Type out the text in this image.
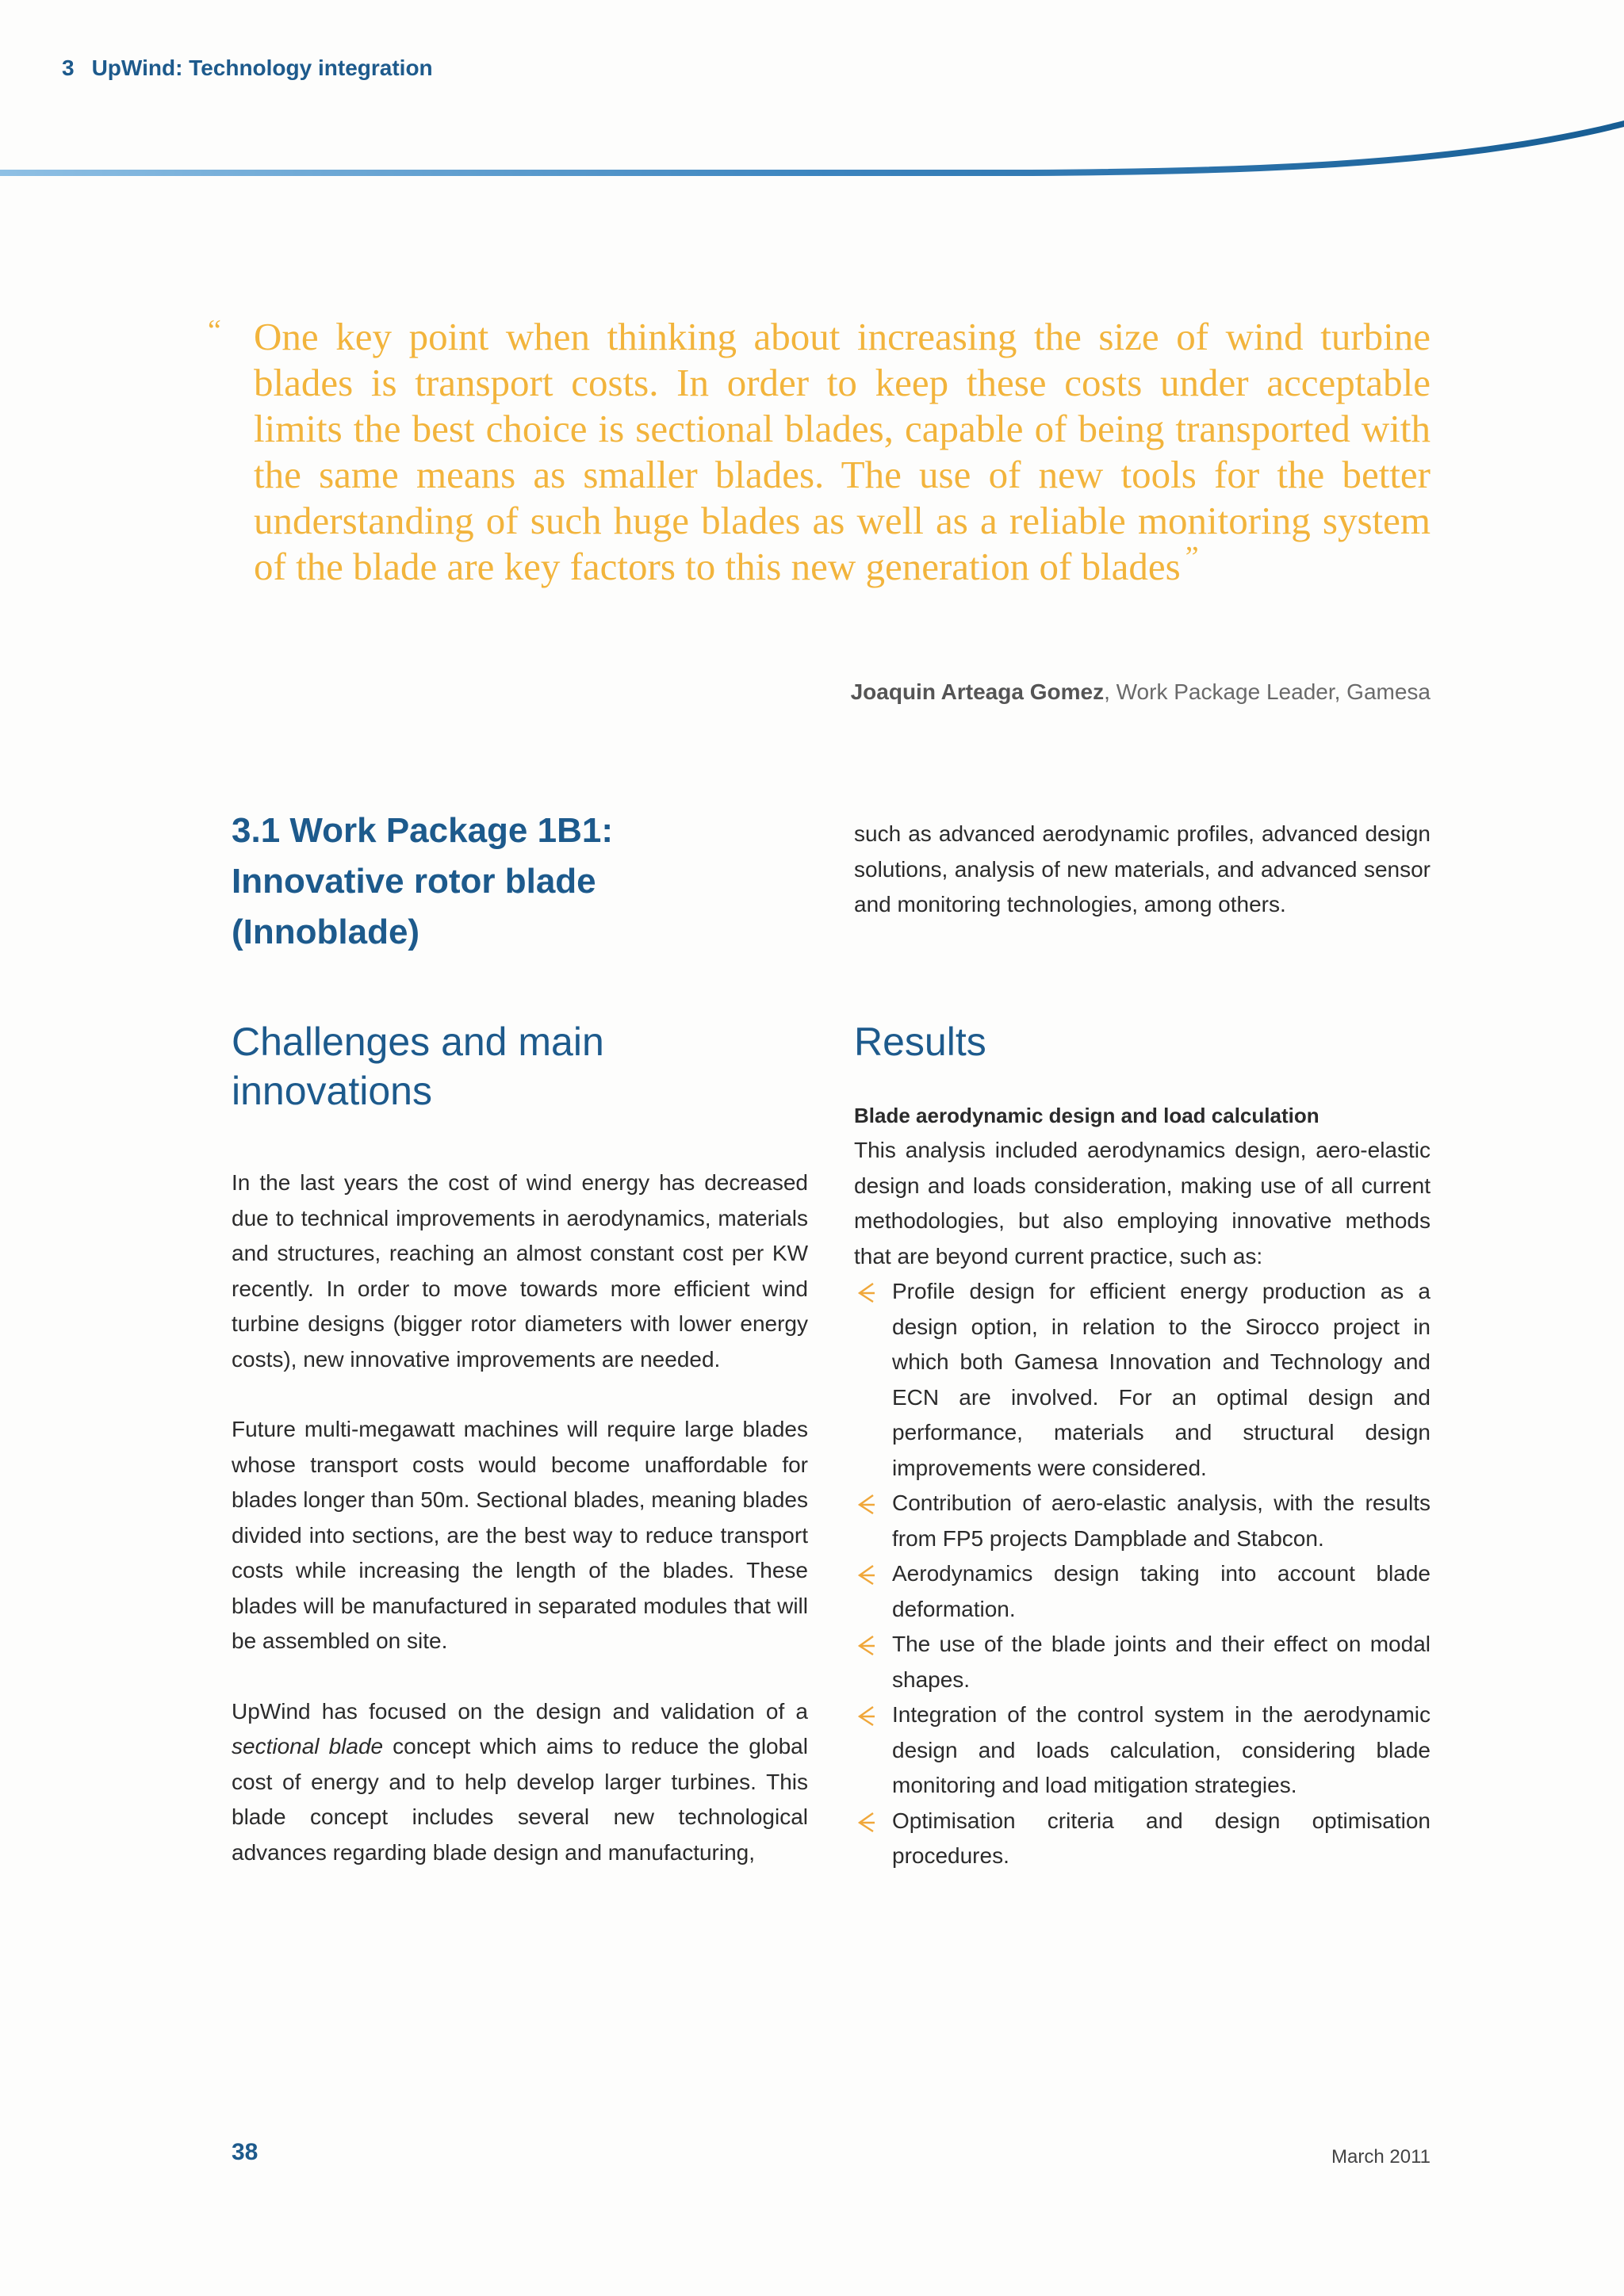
3 UpWind: Technology integration
“ One key point when thinking about increasing the size of wind turbine blades is transport costs. In order to keep these costs under acceptable limits the best choice is sectional blades, capable of being transported with the same means as smaller blades. The use of new tools for the better understanding of such huge blades as well as a reliable monitoring system of the blade are key factors to this new generation of blades ”
Joaquin Arteaga Gomez, Work Package Leader, Gamesa
3.1 Work Package 1B1:
Innovative rotor blade
(Innoblade)
Challenges and main
innovations

In the last years the cost of wind energy has decreased due to technical improvements in aerodynamics, materials and structures, reaching an almost constant cost per KW recently. In order to move towards more efficient wind turbine designs (bigger rotor diameters with lower energy costs), new innovative improvements are needed.

Future multi-megawatt machines will require large blades whose transport costs would become unaffordable for blades longer than 50m. Sectional blades, meaning blades divided into sections, are the best way to reduce transport costs while increasing the length of the blades. These blades will be manufactured in separated modules that will be assembled on site.

UpWind has focused on the design and validation of a sectional blade concept which aims to reduce the global cost of energy and to help develop larger turbines. This blade concept includes several new technological advances regarding blade design and manufacturing,

such as advanced aerodynamic profiles, advanced design solutions, analysis of new materials, and advanced sensor and monitoring technologies, among others.

Results
Blade aerodynamic design and load calculation

This analysis included aerodynamics design, aero-elastic design and loads consideration, making use of all current methodologies, but also employing innovative methods that are beyond current practice, such as:

Profile design for efficient energy production as a design option, in relation to the Sirocco project in which both Gamesa Innovation and Technology and ECN are involved. For an optimal design and performance, materials and structural design improvements were considered.
Contribution of aero-elastic analysis, with the results from FP5 projects Dampblade and Stabcon.
Aerodynamics design taking into account blade deformation.
The use of the blade joints and their effect on modal shapes.
Integration of the control system in the aerodynamic design and loads calculation, considering blade monitoring and load mitigation strategies.
Optimisation criteria and design optimisation procedures.
38	March 2011
